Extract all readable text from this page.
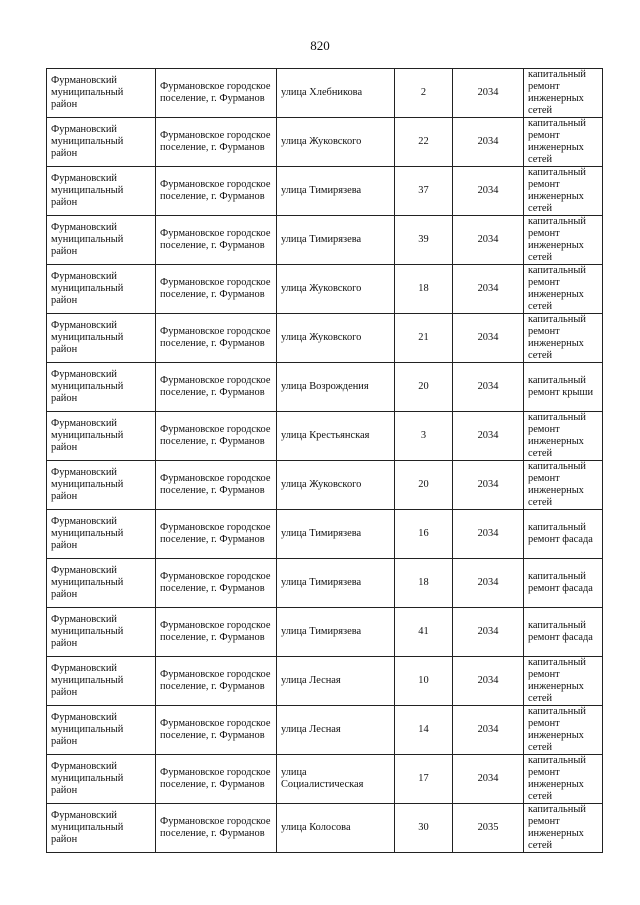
820
Фурмановский муниципальный район	Фурмановское городское поселение, г. Фурманов	улица Хлебникова	2	2034	капитальный ремонт инженерных сетей
Фурмановский муниципальный район	Фурмановское городское поселение, г. Фурманов	улица Жуковского	22	2034	капитальный ремонт инженерных сетей
Фурмановский муниципальный район	Фурмановское городское поселение, г. Фурманов	улица Тимирязева	37	2034	капитальный ремонт инженерных сетей
Фурмановский муниципальный район	Фурмановское городское поселение, г. Фурманов	улица Тимирязева	39	2034	капитальный ремонт инженерных сетей
Фурмановский муниципальный район	Фурмановское городское поселение, г. Фурманов	улица Жуковского	18	2034	капитальный ремонт инженерных сетей
Фурмановский муниципальный район	Фурмановское городское поселение, г. Фурманов	улица Жуковского	21	2034	капитальный ремонт инженерных сетей
Фурмановский муниципальный район	Фурмановское городское поселение, г. Фурманов	улица Возрождения	20	2034	капитальный ремонт крыши
Фурмановский муниципальный район	Фурмановское городское поселение, г. Фурманов	улица Крестьянская	3	2034	капитальный ремонт инженерных сетей
Фурмановский муниципальный район	Фурмановское городское поселение, г. Фурманов	улица Жуковского	20	2034	капитальный ремонт инженерных сетей
Фурмановский муниципальный район	Фурмановское городское поселение, г. Фурманов	улица Тимирязева	16	2034	капитальный ремонт фасада
Фурмановский муниципальный район	Фурмановское городское поселение, г. Фурманов	улица Тимирязева	18	2034	капитальный ремонт фасада
Фурмановский муниципальный район	Фурмановское городское поселение, г. Фурманов	улица Тимирязева	41	2034	капитальный ремонт фасада
Фурмановский муниципальный район	Фурмановское городское поселение, г. Фурманов	улица Лесная	10	2034	капитальный ремонт инженерных сетей
Фурмановский муниципальный район	Фурмановское городское поселение, г. Фурманов	улица Лесная	14	2034	капитальный ремонт инженерных сетей
Фурмановский муниципальный район	Фурмановское городское поселение, г. Фурманов	улица Социалистическая	17	2034	капитальный ремонт инженерных сетей
Фурмановский муниципальный район	Фурмановское городское поселение, г. Фурманов	улица Колосова	30	2035	капитальный ремонт инженерных сетей
